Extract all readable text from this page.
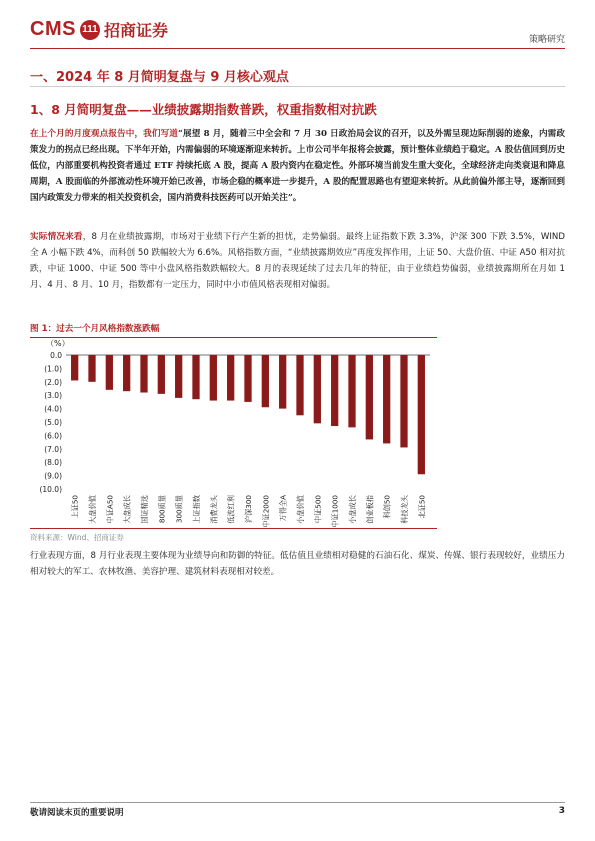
CMS 111 招商证券	策略研究
一、2024 年 8 月简明复盘与 9 月核心观点
1、8 月简明复盘——业绩披露期指数普跌，权重指数相对抗跌
在上个月的月度观点报告中，我们写道“展望 8 月，随着三中全会和 7 月 30 日政治局会议的召开，以及外需呈现边际削弱的迹象，内需政策发力的拐点已经出现。下半年开始，内需偏弱的环境逐渐迎来转折。上市公司半年报将会披露，预计整体业绩趋于稳定。A 股估值回到历史低位，内部重要机构投资者通过 ETF 持续托底 A 股，提高 A 股内资内在稳定性。外部环境当前发生重大变化，全球经济走向类衰退和降息周期，A 股面临的外部流动性环境开始已改善，市场企稳的概率进一步提升，A 股的配置思路也有望迎来转折。从此前偏外部主导，逐渐回到国内政策发力带来的相关投资机会，国内消费科技医药可以开始关注”。
实际情况来看，8 月在业绩披露期，市场对于业绩下行产生新的担忧，走势偏弱。最终上证指数下跌 3.3%，沪深 300 下跌 3.5%，WIND 全 A 小幅下跌 4%，而科创 50 跌幅较大为 6.6%。风格指数方面，“业绩披露期效应”再度发挥作用，上证 50、大盘价值、中证 A50 相对抗跌，中证 1000、中证 500 等中小盘风格指数跌幅较大。8 月的表现延续了过去几年的特征，由于业绩趋势偏弱，业绩披露期所在月如 1 月、4 月、8 月、10 月，指数都有一定压力，同时中小市值风格表现相对偏弱。
图 1：过去一个月风格指数涨跌幅
（%）
0.0
(1.0)
(2.0)
(3.0)
(4.0)
(5.0)
(6.0)
(7.0)
(8.0)
(9.0)
(10.0)
上证50 大盘价值 中证A50 大盘成长 国证精选 800质量 300质量 上证指数 消费龙头 低波红利 沪深300 中证2000 万得全A 小盘价值 中证500 中证1000 小盘成长 创业板指 科创50 科技龙头 北证50
资料来源：Wind、招商证券
行业表现方面，8 月行业表现主要体现为业绩导向和防御的特征。低估值且业绩相对稳健的石油石化、煤炭、传媒、银行表现较好，业绩压力相对较大的军工、农林牧渔、美容护理、建筑材料表现相对较差。
敬请阅读末页的重要说明	3
